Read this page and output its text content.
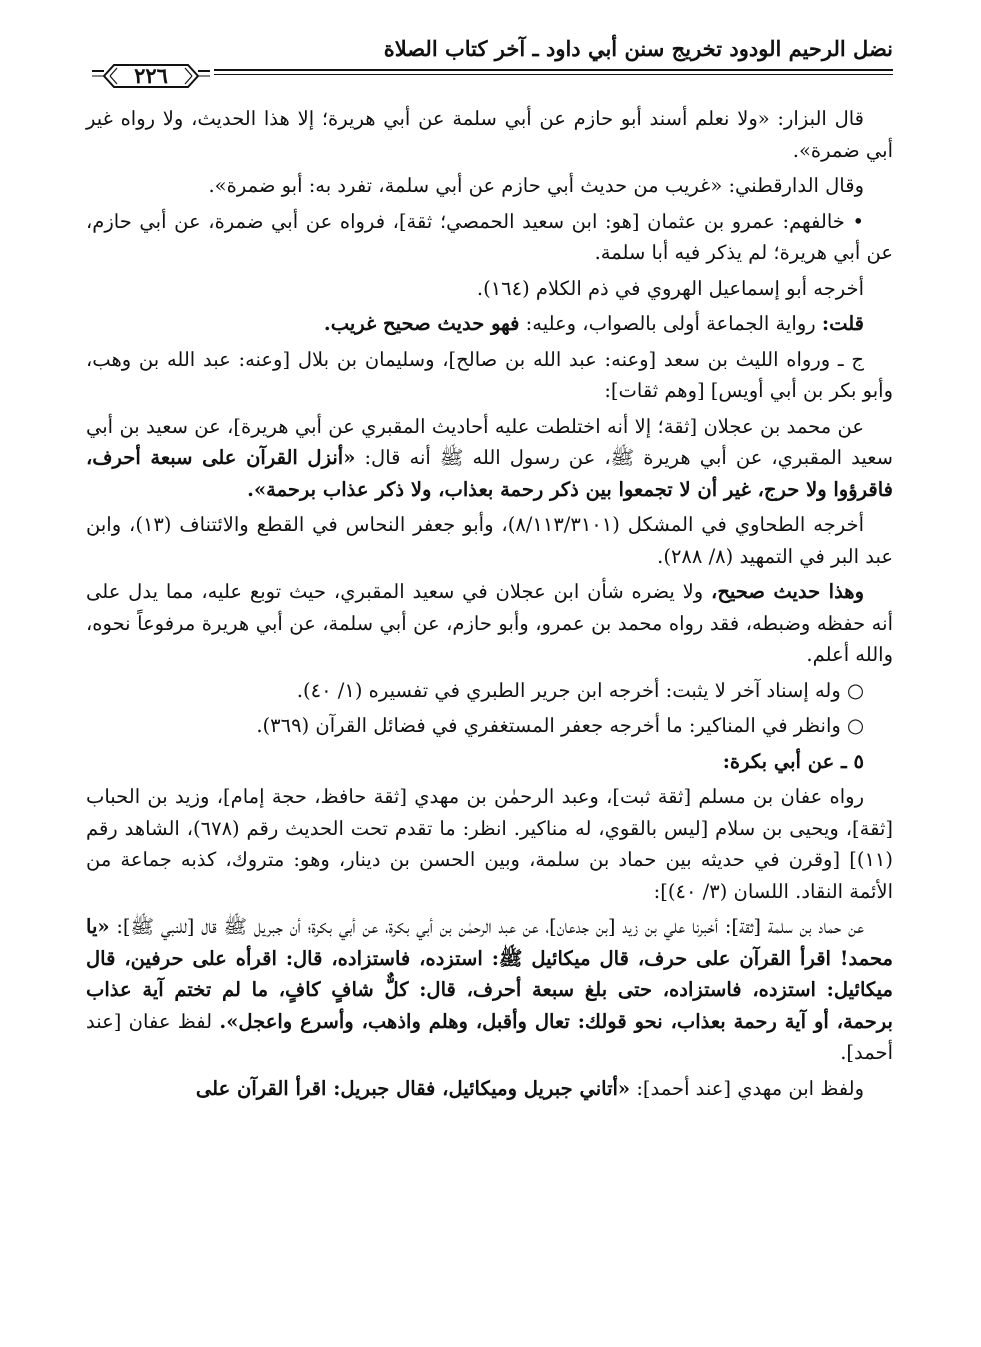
نضل الرحيم الودود تخريج سنن أبي داود ـ آخر كتاب الصلاة
٢٢٦

قال البزار: «ولا نعلم أسند أبو حازم عن أبي سلمة عن أبي هريرة؛ إلا هذا الحديث، ولا رواه غير أبي ضمرة».

وقال الدارقطني: «غريب من حديث أبي حازم عن أبي سلمة، تفرد به: أبو ضمرة».

• خالفهم: عمرو بن عثمان [هو: ابن سعيد الحمصي؛ ثقة]، فرواه عن أبي ضمرة، عن أبي حازم، عن أبي هريرة؛ لم يذكر فيه أبا سلمة.

أخرجه أبو إسماعيل الهروي في ذم الكلام (١٦٤).

قلت: رواية الجماعة أولى بالصواب، وعليه: فهو حديث صحيح غريب.

ج ـ ورواه الليث بن سعد [وعنه: عبد الله بن صالح]، وسليمان بن بلال [وعنه: عبد الله بن وهب، وأبو بكر بن أبي أويس] [وهم ثقات]:

عن محمد بن عجلان [ثقة؛ إلا أنه اختلطت عليه أحاديث المقبري عن أبي هريرة]، عن سعيد بن أبي سعيد المقبري، عن أبي هريرة ﷺ، عن رسول الله ﷺ أنه قال: «أنزل القرآن على سبعة أحرف، فاقرؤوا ولا حرج، غير أن لا تجمعوا بين ذكر رحمة بعذاب، ولا ذكر عذاب برحمة».

أخرجه الطحاوي في المشكل (٨/١١٣/٣١٠١)، وأبو جعفر النحاس في القطع والائتناف (١٣)، وابن عبد البر في التمهيد (٨/ ٢٨٨).

وهذا حديث صحيح، ولا يضره شأن ابن عجلان في سعيد المقبري، حيث توبع عليه، مما يدل على أنه حفظه وضبطه، فقد رواه محمد بن عمرو، وأبو حازم، عن أبي سلمة، عن أبي هريرة مرفوعاً نحوه، والله أعلم.

○ وله إسناد آخر لا يثبت: أخرجه ابن جرير الطبري في تفسيره (١/ ٤٠).

○ وانظر في المناكير: ما أخرجه جعفر المستغفري في فضائل القرآن (٣٦٩).

٥ ـ عن أبي بكرة:

رواه عفان بن مسلم [ثقة ثبت]، وعبد الرحمٰن بن مهدي [ثقة حافظ، حجة إمام]، وزيد بن الحباب [ثقة]، ويحيى بن سلام [ليس بالقوي، له مناكير. انظر: ما تقدم تحت الحديث رقم (٦٧٨)، الشاهد رقم (١١)] [وقرن في حديثه بين حماد بن سلمة، وبين الحسن بن دينار، وهو: متروك، كذبه جماعة من الأئمة النقاد. اللسان (٣/ ٤٠)]:

عن حماد بن سلمة [ثقة]: أخبرنا علي بن زيد [بن جدعان]، عن عبد الرحمٰن بن أبي بكرة، عن أبي بكرة؛ أن جبريل ﷺ قال [للنبي ﷺ]: «يا محمد! اقرأ القرآن على حرف، قال ميكائيل ﷺ: استزده، فاستزاده، قال: اقرأه على حرفين، قال ميكائيل: استزده، فاستزاده، حتى بلغ سبعة أحرف، قال: كلٌّ شافٍ كافٍ، ما لم تختم آية عذاب برحمة، أو آية رحمة بعذاب، نحو قولك: تعال وأقبل، وهلم واذهب، وأسرع واعجل». لفظ عفان [عند أحمد].

ولفظ ابن مهدي [عند أحمد]: «أتاني جبريل وميكائيل، فقال جبريل: اقرأ القرآن على
